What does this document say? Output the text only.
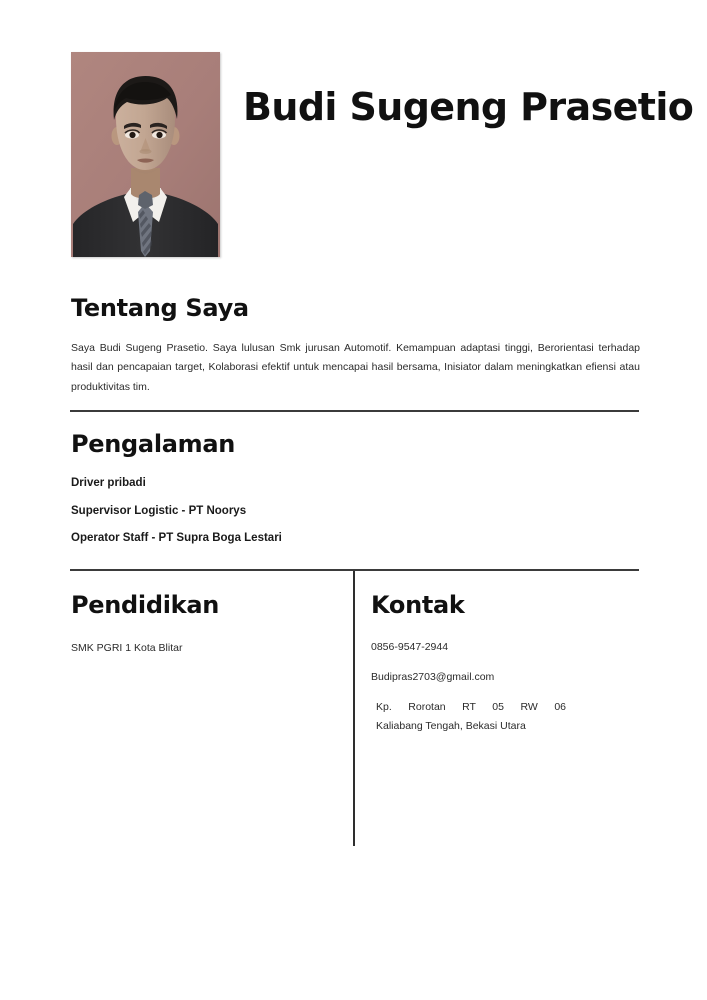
Budi Sugeng Prasetio
Tentang Saya

Saya Budi Sugeng Prasetio. Saya lulusan Smk jurusan Automotif. Kemampuan adaptasi tinggi, Berorientasi terhadap hasil dan pencapaian target, Kolaborasi efektif untuk mencapai hasil bersama, Inisiator dalam meningkatkan efiensi atau produktivitas tim.

Pengalaman
Driver pribadi
Supervisor Logistic - PT Noorys
Operator Staff - PT Supra Boga Lestari
Pendidikan
SMK PGRI 1 Kota Blitar
Kontak
0856-9547-2944
Budipras2703@gmail.com
Kp. Rorotan RT 05 RW 06
Kaliabang Tengah, Bekasi Utara
